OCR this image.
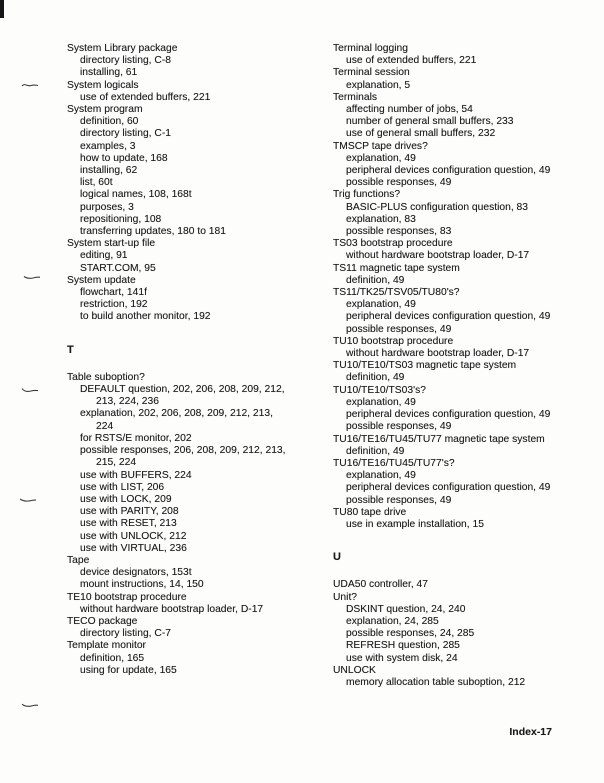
System Library package
directory listing, C-8
installing, 61
System logicals
use of extended buffers, 221
System program
definition, 60
directory listing, C-1
examples, 3
how to update, 168
installing, 62
list, 60t
logical names, 108, 168t
purposes, 3
repositioning, 108
transferring updates, 180 to 181
System start-up file
editing, 91
START.COM, 95
System update
flowchart, 141f
restriction, 192
to build another monitor, 192
T
Table suboption?
DEFAULT question, 202, 206, 208, 209, 212,
213, 224, 236
explanation, 202, 206, 208, 209, 212, 213,
224
for RSTS/E monitor, 202
possible responses, 206, 208, 209, 212, 213,
215, 224
use with BUFFERS, 224
use with LIST, 206
use with LOCK, 209
use with PARITY, 208
use with RESET, 213
use with UNLOCK, 212
use with VIRTUAL, 236
Tape
device designators, 153t
mount instructions, 14, 150
TE10 bootstrap procedure
without hardware bootstrap loader, D-17
TECO package
directory listing, C-7
Template monitor
definition, 165
using for update, 165
Terminal logging
use of extended buffers, 221
Terminal session
explanation, 5
Terminals
affecting number of jobs, 54
number of general small buffers, 233
use of general small buffers, 232
TMSCP tape drives?
explanation, 49
peripheral devices configuration question, 49
possible responses, 49
Trig functions?
BASIC-PLUS configuration question, 83
explanation, 83
possible responses, 83
TS03 bootstrap procedure
without hardware bootstrap loader, D-17
TS11 magnetic tape system
definition, 49
TS11/TK25/TSV05/TU80's?
explanation, 49
peripheral devices configuration question, 49
possible responses, 49
TU10 bootstrap procedure
without hardware bootstrap loader, D-17
TU10/TE10/TS03 magnetic tape system
definition, 49
TU10/TE10/TS03's?
explanation, 49
peripheral devices configuration question, 49
possible responses, 49
TU16/TE16/TU45/TU77 magnetic tape system
definition, 49
TU16/TE16/TU45/TU77's?
explanation, 49
peripheral devices configuration question, 49
possible responses, 49
TU80 tape drive
use in example installation, 15
U
UDA50 controller, 47
Unit?
DSKINT question, 24, 240
explanation, 24, 285
possible responses, 24, 285
REFRESH question, 285
use with system disk, 24
UNLOCK
memory allocation table suboption, 212
Index-17
